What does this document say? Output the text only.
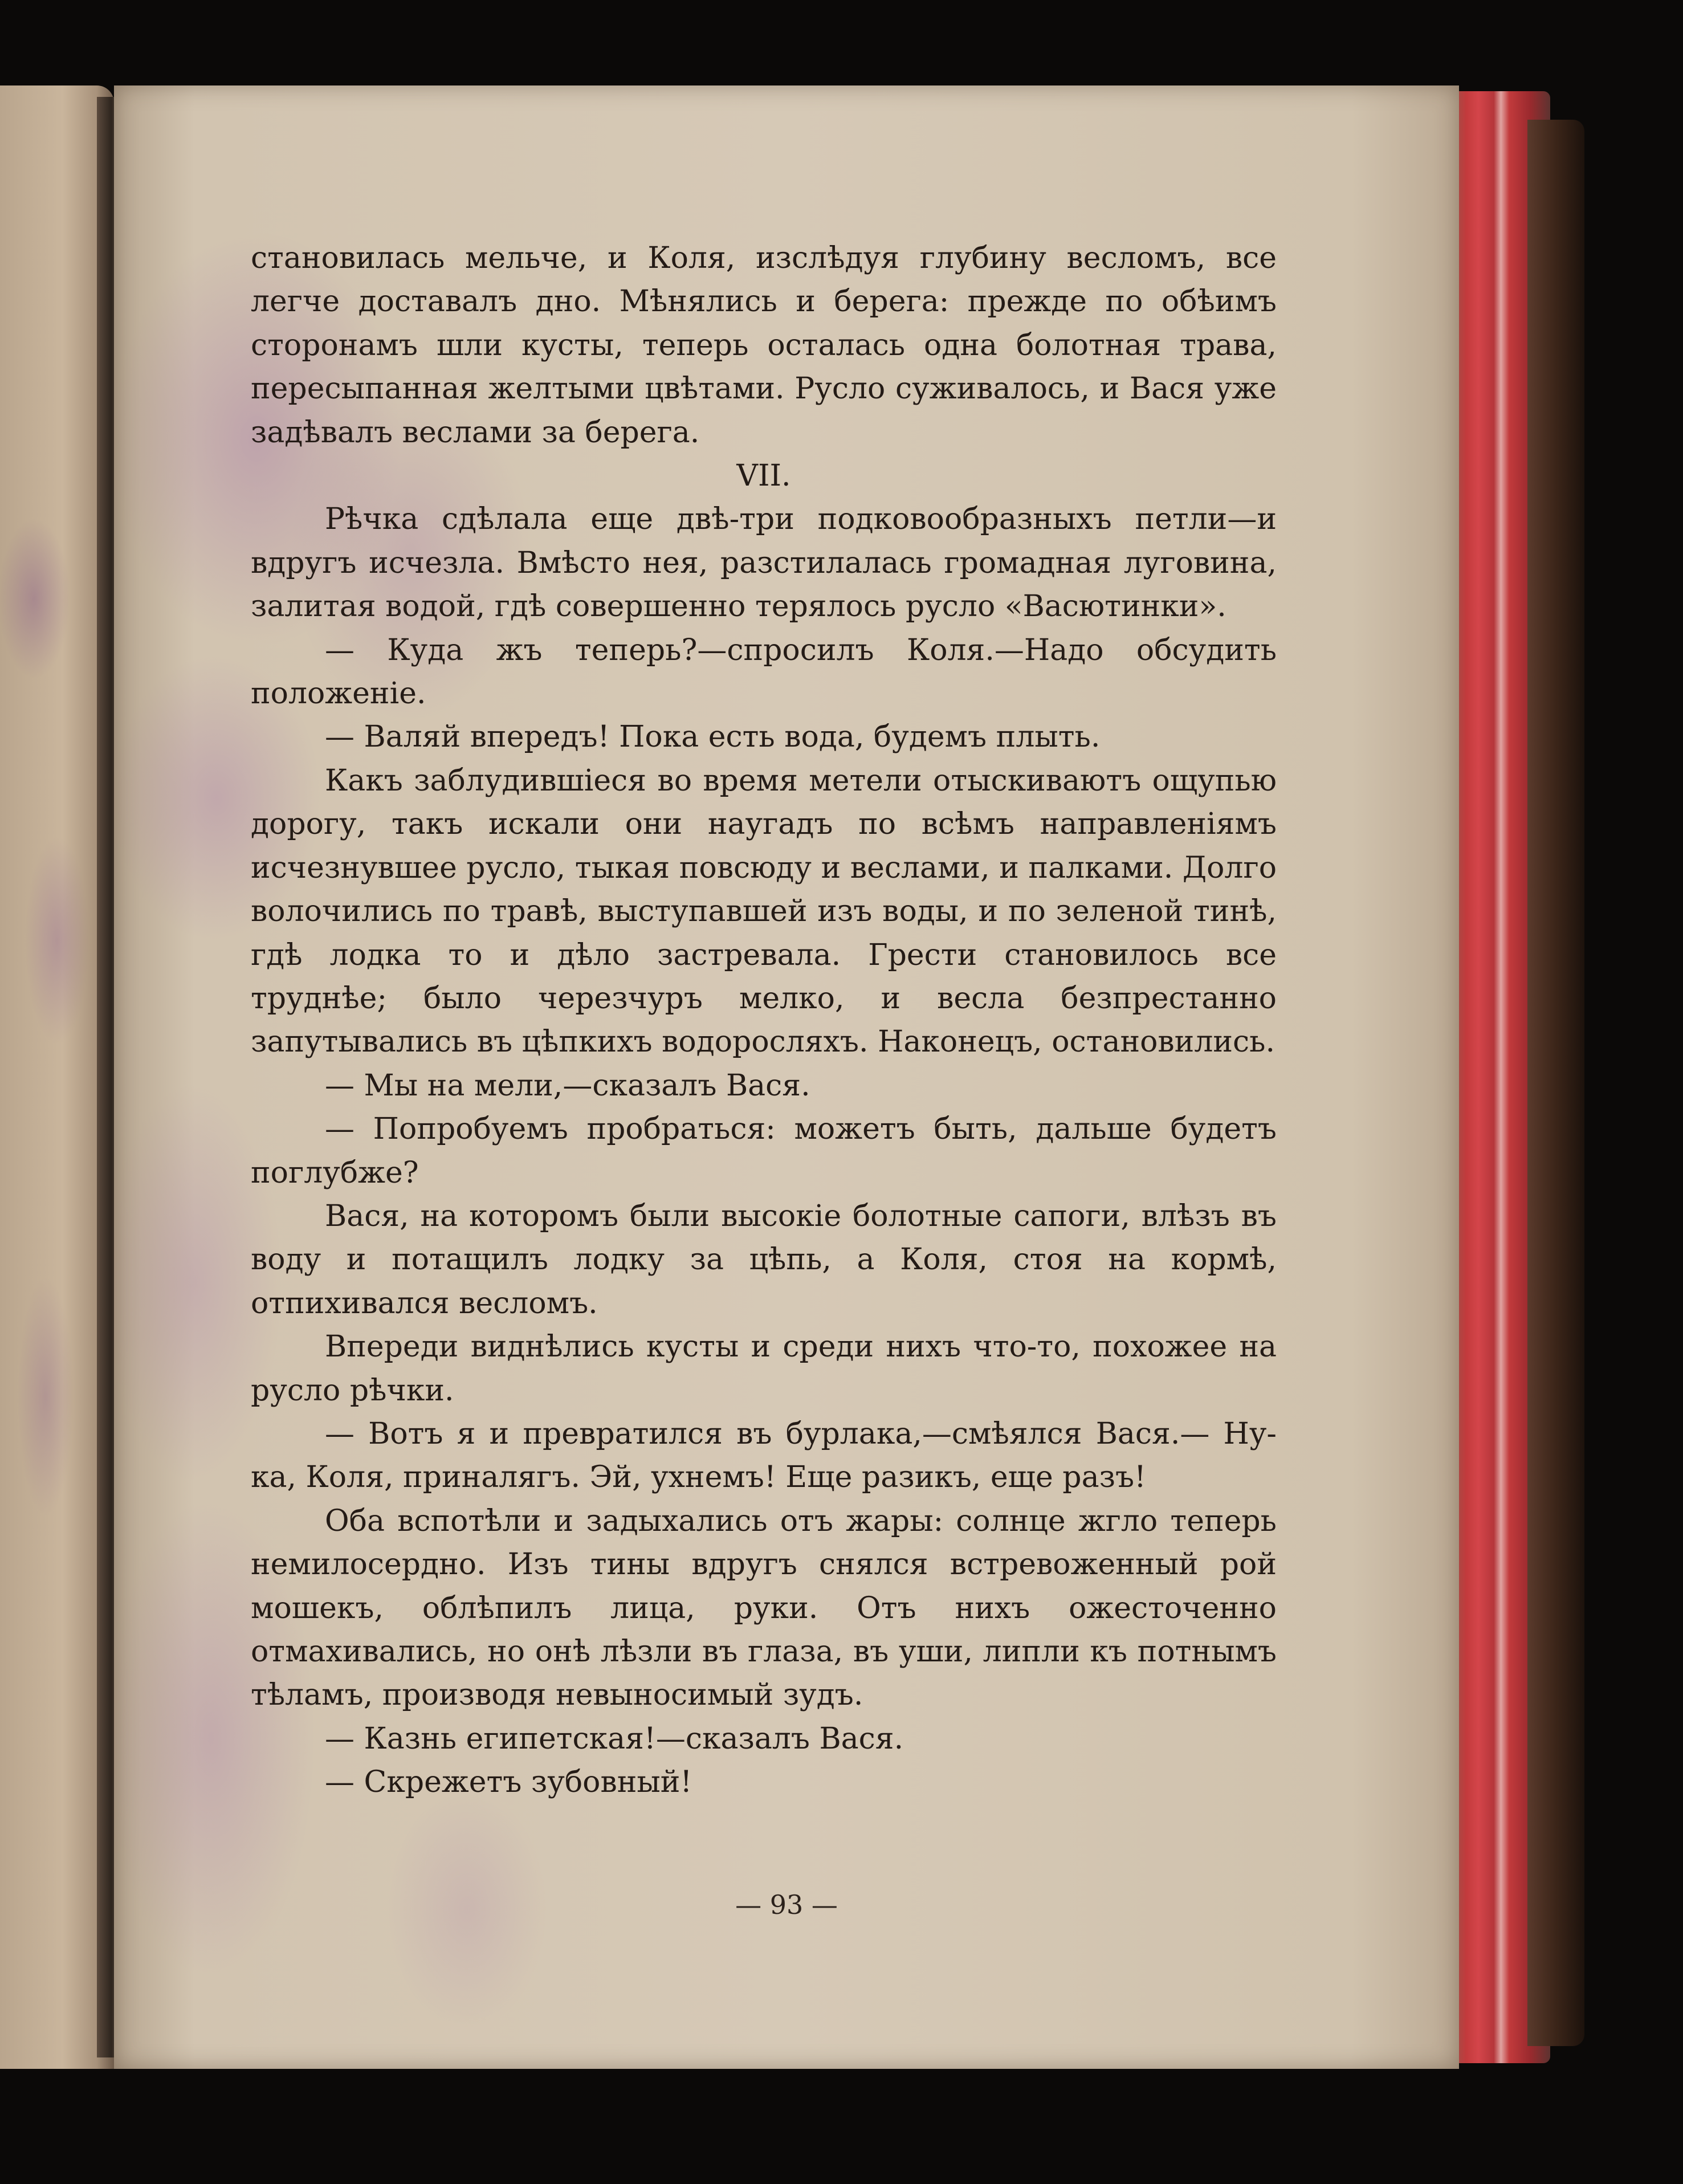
становилась мельче, и Коля, изслѣдуя глубину весломъ, все легче доставалъ дно. Мѣнялись и берега: прежде по обѣимъ сторонамъ шли кусты, теперь осталась одна болотная трава, пересыпанная желтыми цвѣтами. Русло суживалось, и Вася уже задѣвалъ веслами за берега.

VII.

Рѣчка сдѣлала еще двѣ-три подковообразныхъ петли—и вдругъ исчезла. Вмѣсто нея, разстилалась громадная луговина, залитая водой, гдѣ совершенно терялось русло «Васютинки».

— Куда жъ теперь?—спросилъ Коля.—Надо обсудить положеніе.

— Валяй впередъ! Пока есть вода, будемъ плыть.

Какъ заблудившіеся во время метели отыскиваютъ ощупью дорогу, такъ искали они наугадъ по всѣмъ направленіямъ исчезнувшее русло, тыкая повсюду и веслами, и палками. Долго волочились по травѣ, выступавшей изъ воды, и по зеленой тинѣ, гдѣ лодка то и дѣло застревала. Грести становилось все труднѣе; было черезчуръ мелко, и весла безпрестанно запутывались въ цѣпкихъ водоросляхъ. Наконецъ, остановились.

— Мы на мели,—сказалъ Вася.

— Попробуемъ пробраться: можетъ быть, дальше будетъ поглубже?

Вася, на которомъ были высокіе болотные сапоги, влѣзъ въ воду и потащилъ лодку за цѣпь, а Коля, стоя на кормѣ, отпихивался весломъ.

Впереди виднѣлись кусты и среди нихъ что-то, похожее на русло рѣчки.

— Вотъ я и превратился въ бурлака,—смѣялся Вася.— Ну-ка, Коля, приналягъ. Эй, ухнемъ! Еще разикъ, еще разъ!

Оба вспотѣли и задыхались отъ жары: солнце жгло теперь немилосердно. Изъ тины вдругъ снялся встревоженный рой мошекъ, облѣпилъ лица, руки. Отъ нихъ ожесточенно отмахивались, но онѣ лѣзли въ глаза, въ уши, липли къ потнымъ тѣламъ, производя невыносимый зудъ.

— Казнь египетская!—сказалъ Вася.

— Скрежетъ зубовный!

— 93 —
